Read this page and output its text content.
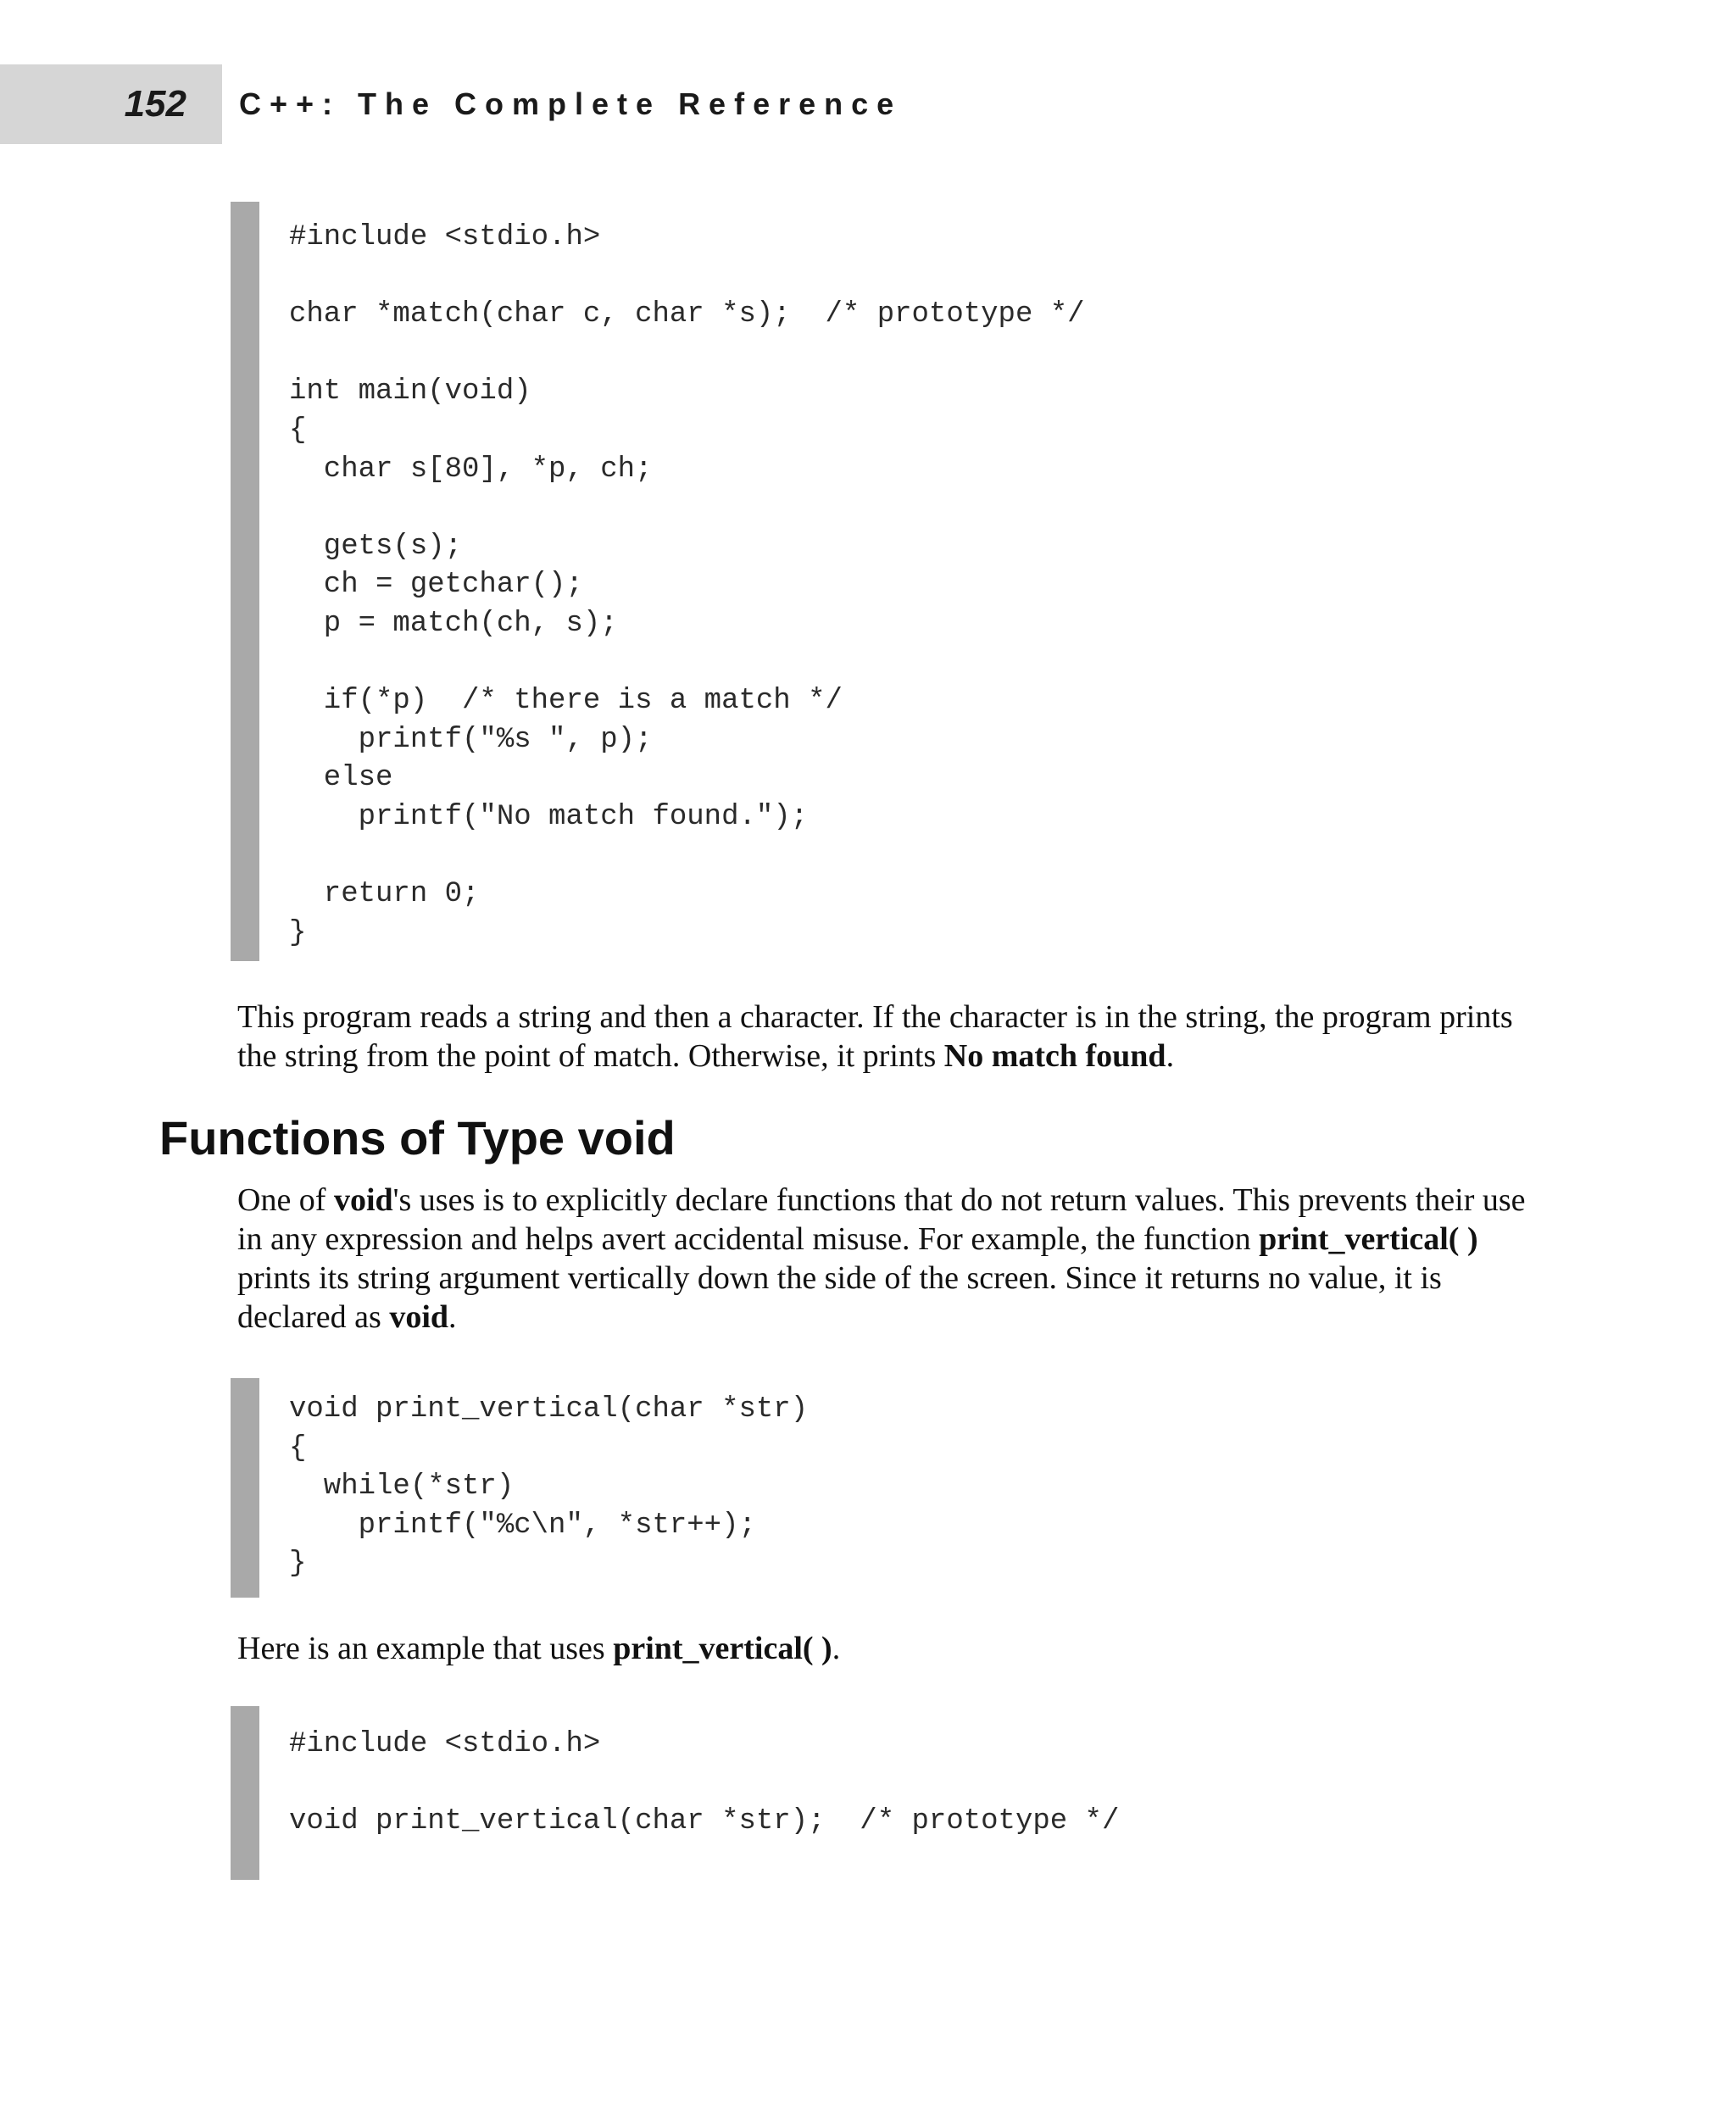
152 C++: The Complete Reference
#include <stdio.h>

char *match(char c, char *s);  /* prototype */

int main(void)
{
char s[80], *p, ch;

gets(s);
ch = getchar();
p = match(ch, s);

if(*p)  /* there is a match */
printf("%s ", p);
else
printf("No match found.");

return 0;
}

This program reads a string and then a character. If the character is in the string, the program prints the string from the point of match. Otherwise, it prints No match found.

Functions of Type void

One of void's uses is to explicitly declare functions that do not return values. This prevents their use in any expression and helps avert accidental misuse. For example, the function print_vertical( ) prints its string argument vertically down the side of the screen. Since it returns no value, it is declared as void.

void print_vertical(char *str)
{
while(*str)
printf("%c\n", *str++);
}

Here is an example that uses print_vertical( ).

#include <stdio.h>

void print_vertical(char *str);  /* prototype */
